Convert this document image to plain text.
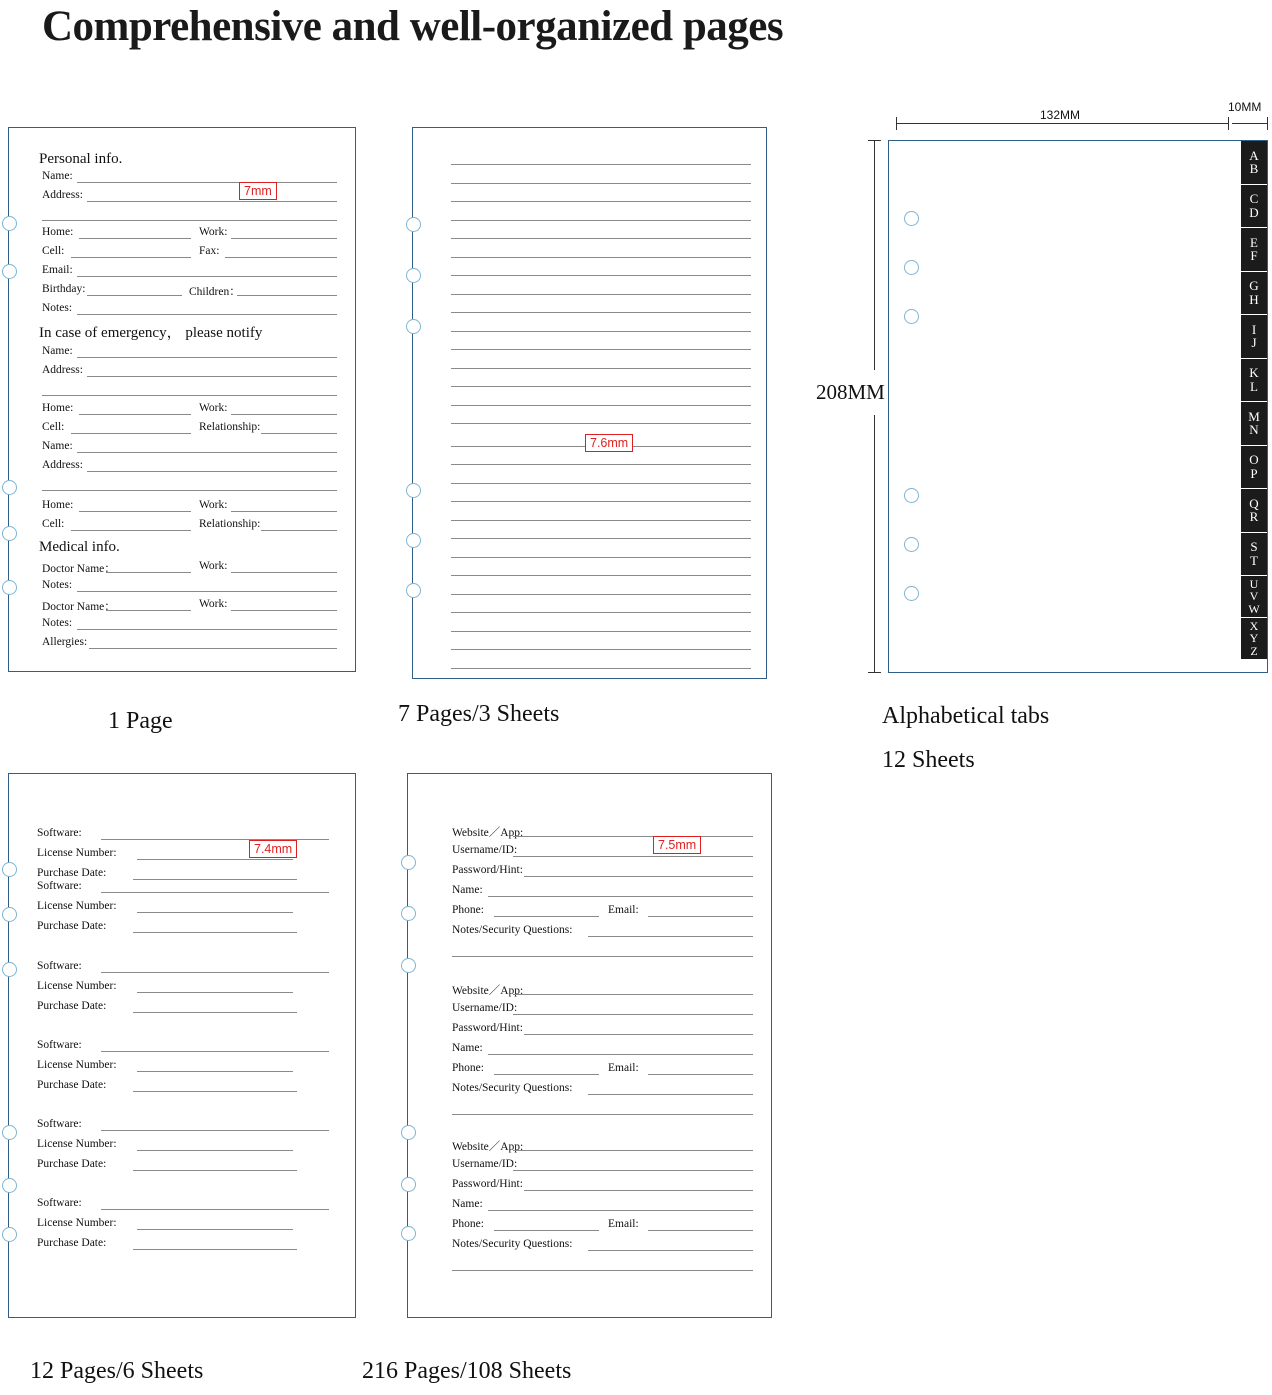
Comprehensive and well-organized pages
Personal info.
Name:
Address:
Home:	Work:
Cell:	Fax:
Email:
Birthday:	Children：
Notes:
In case of emergency， please notify
Name:
Address:
Home:	Work:
Cell:	Relationship:
Name:
Address:
Home:	Work:
Cell:	Relationship:
Medical info.
Doctor Name：	Work:
Notes:
Doctor Name：	Work:
Notes:
Allergies:
7mm
1 Page
7.6mm
7 Pages/3 Sheets
A
B
C
D
E
F
G
H
I
J
K
L
M
N
O
P
Q
R
S
T
U
V
W
X
Y
Z
132MM
10MM
208MM
Alphabetical tabs
12 Sheets
Software:
License Number:
Purchase Date:
Software:
License Number:
Purchase Date:
Software:
License Number:
Purchase Date:
Software:
License Number:
Purchase Date:
Software:
License Number:
Purchase Date:
Software:
License Number:
Purchase Date:
7.4mm
12 Pages/6 Sheets
Website／App:
Username/ID:
Password/Hint:
Name:
Phone:	Email:
Notes/Security Questions:
Website／App:
Username/ID:
Password/Hint:
Name:
Phone:	Email:
Notes/Security Questions:
Website／App:
Username/ID:
Password/Hint:
Name:
Phone:	Email:
Notes/Security Questions:
7.5mm
216 Pages/108 Sheets
